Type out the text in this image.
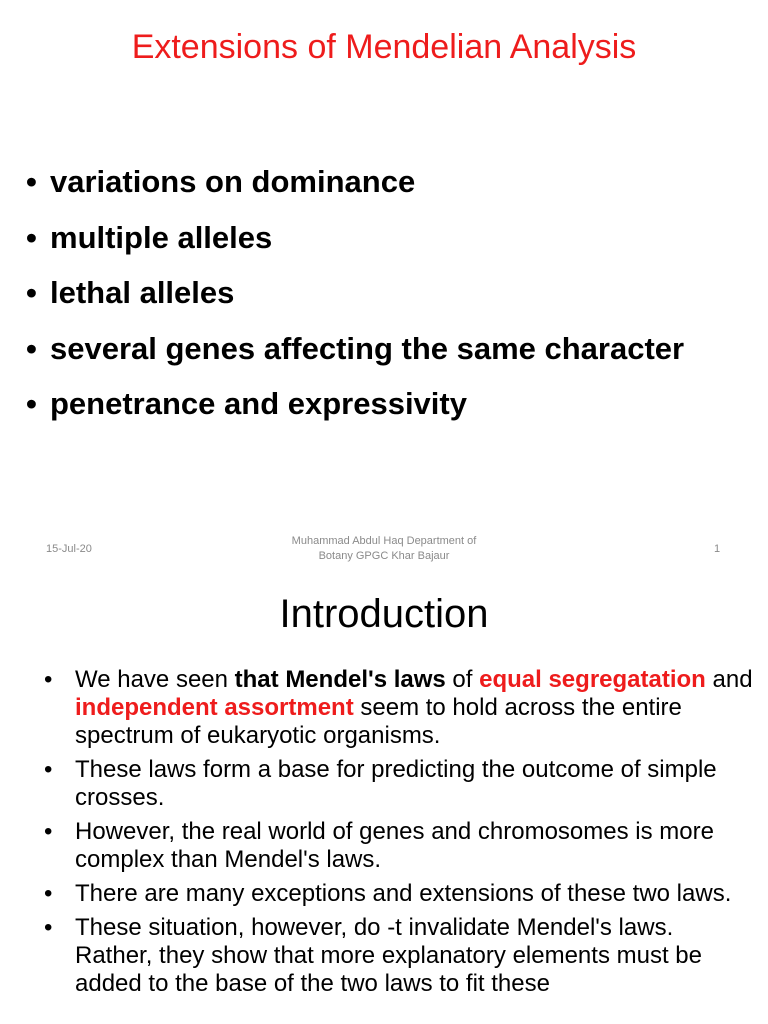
Extensions of Mendelian Analysis
• variations on dominance
• multiple alleles
• lethal alleles
• several genes affecting the same character
• penetrance and expressivity
15-Jul-20
Muhammad Abdul Haq Department of
Botany GPGC Khar Bajaur
1
Introduction
• We have seen that Mendel's laws of equal segregatation and independent assortment seem to hold across the entire spectrum of eukaryotic organisms.
• These laws form a base for predicting the outcome of simple crosses.
• However, the real world of genes and chromosomes is more complex than Mendel's laws.
• There are many exceptions and extensions of these two laws.
• These situation, however, do -t invalidate Mendel's laws. Rather, they show that more explanatory elements must be added to the base of the two laws to fit these
